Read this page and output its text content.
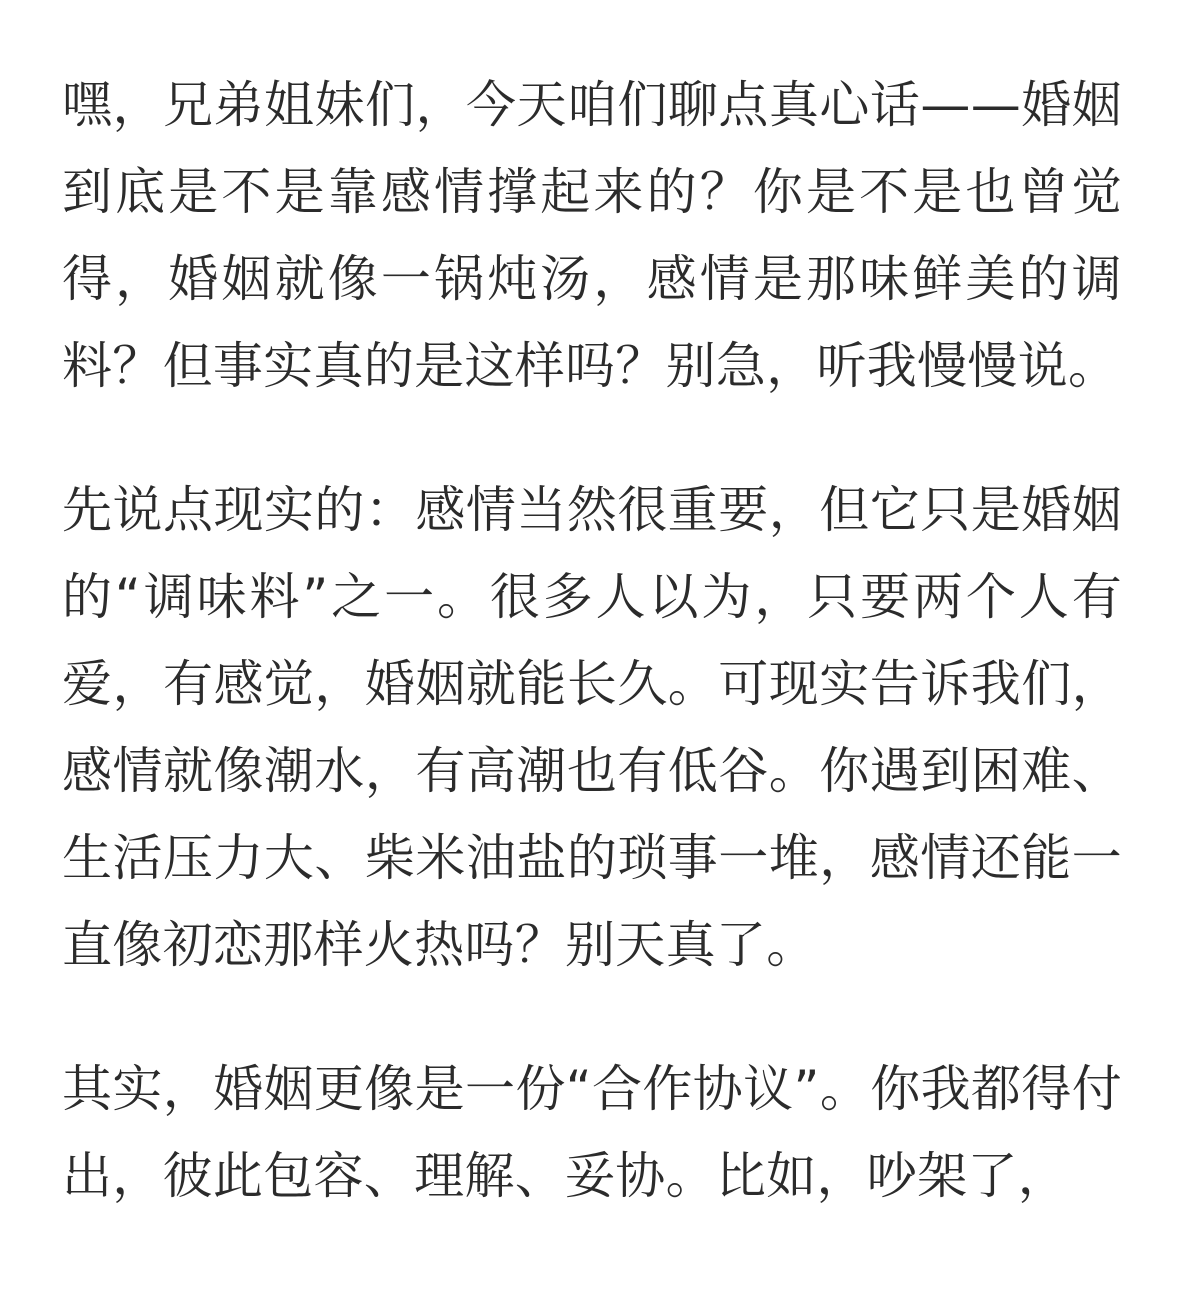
嘿，兄弟姐妹们，今天咱们聊点真心话——婚姻到底是不是靠感情撑起来的？你是不是也曾觉得，婚姻就像一锅炖汤，感情是那味鲜美的调料？但事实真的是这样吗？别急，听我慢慢说。

先说点现实的：感情当然很重要，但它只是婚姻的“调味料”之一。很多人以为，只要两个人有爱，有感觉，婚姻就能长久。可现实告诉我们，感情就像潮水，有高潮也有低谷。你遇到困难、生活压力大、柴米油盐的琐事一堆，感情还能一直像初恋那样火热吗？别天真了。

其实，婚姻更像是一份“合作协议”。你我都得付出，彼此包容、理解、妥协。比如，吵架了，
